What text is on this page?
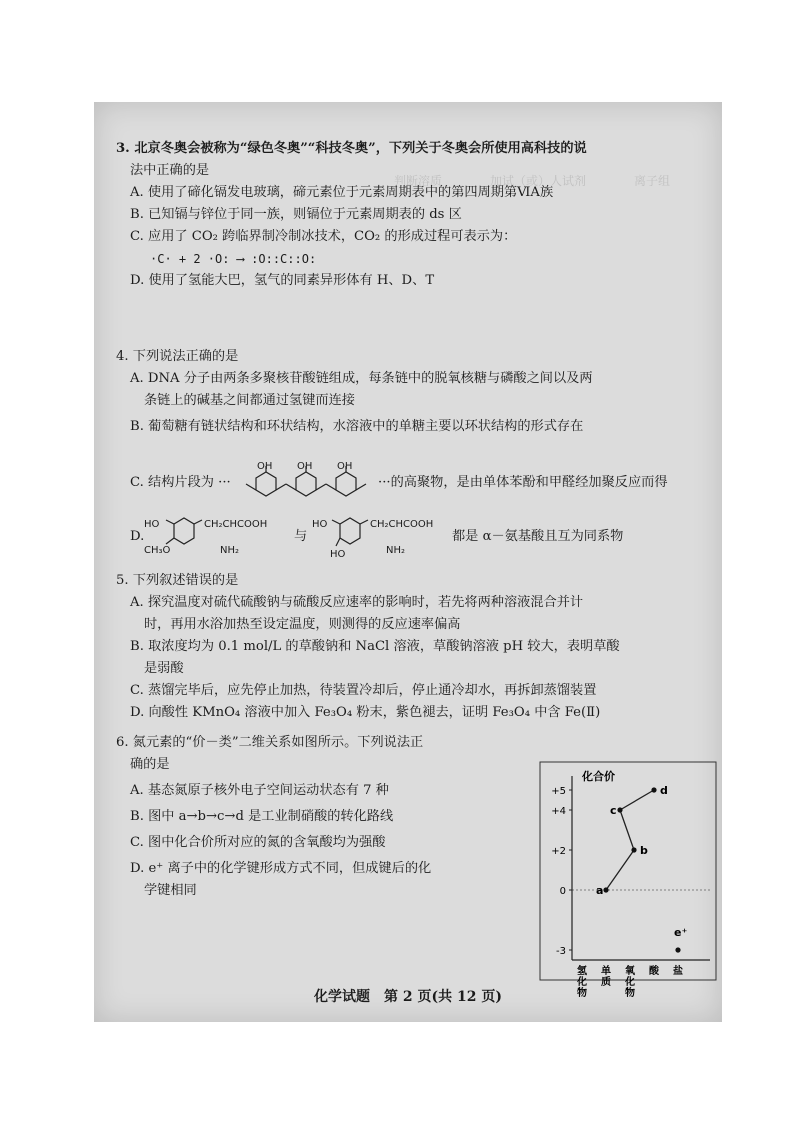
判断溶质　　　　加试（或）人试剂　　　　离子组

3. 北京冬奥会被称为“绿色冬奥”“科技冬奥”，下列关于冬奥会所使用高科技的说
法中正确的是
A. 使用了碲化镉发电玻璃，碲元素位于元素周期表中的第四周期第ⅥA族
B. 已知镉与锌位于同一族，则镉位于元素周期表的 ds 区
C. 应用了 CO₂ 跨临界制冷制冰技术，CO₂ 的形成过程可表示为：
·C· + 2 ·O: ⟶ :O::C::O:
D. 使用了氢能大巴，氢气的同素异形体有 H、D、T
4. 下列说法正确的是
A. DNA 分子由两条多聚核苷酸链组成，每条链中的脱氧核糖与磷酸之间以及两
条链上的碱基之间都通过氢键而连接
B. 葡萄糖有链状结构和环状结构，水溶液中的单糖主要以环状结构的形式存在
C. 结构片段为 ···
OH OH OH
···的高聚物，是由单体苯酚和甲醛经加聚反应而得
D.
HO
CH₃O
CH₂CHCOOH
NH₂
与
HO
HO
CH₂CHCOOH
NH₂
都是 α－氨基酸且互为同系物
5. 下列叙述错误的是
A. 探究温度对硫代硫酸钠与硫酸反应速率的影响时，若先将两种溶液混合并计
时，再用水浴加热至设定温度，则测得的反应速率偏高
B. 取浓度均为 0.1 mol/L 的草酸钠和 NaCl 溶液，草酸钠溶液 pH 较大，表明草酸
是弱酸
C. 蒸馏完毕后，应先停止加热，待装置冷却后，停止通冷却水，再拆卸蒸馏装置
D. 向酸性 KMnO₄ 溶液中加入 Fe₃O₄ 粉末，紫色褪去，证明 Fe₃O₄ 中含 Fe(Ⅱ)
6. 氮元素的“价－类”二维关系如图所示。下列说法正
确的是
A. 基态氮原子核外电子空间运动状态有 7 种
B. 图中 a→b→c→d 是工业制硝酸的转化路线
C. 图中化合价所对应的氮的含氧酸均为强酸
D. e⁺ 离子中的化学键形成方式不同，但成键后的化
学键相同
+5
+4
+2
0
-3
氢
化
物
单
质
氧
化
物
酸 盐
a
b
c
d
e⁺
化合价
化学试题　第 2 页(共 12 页)
